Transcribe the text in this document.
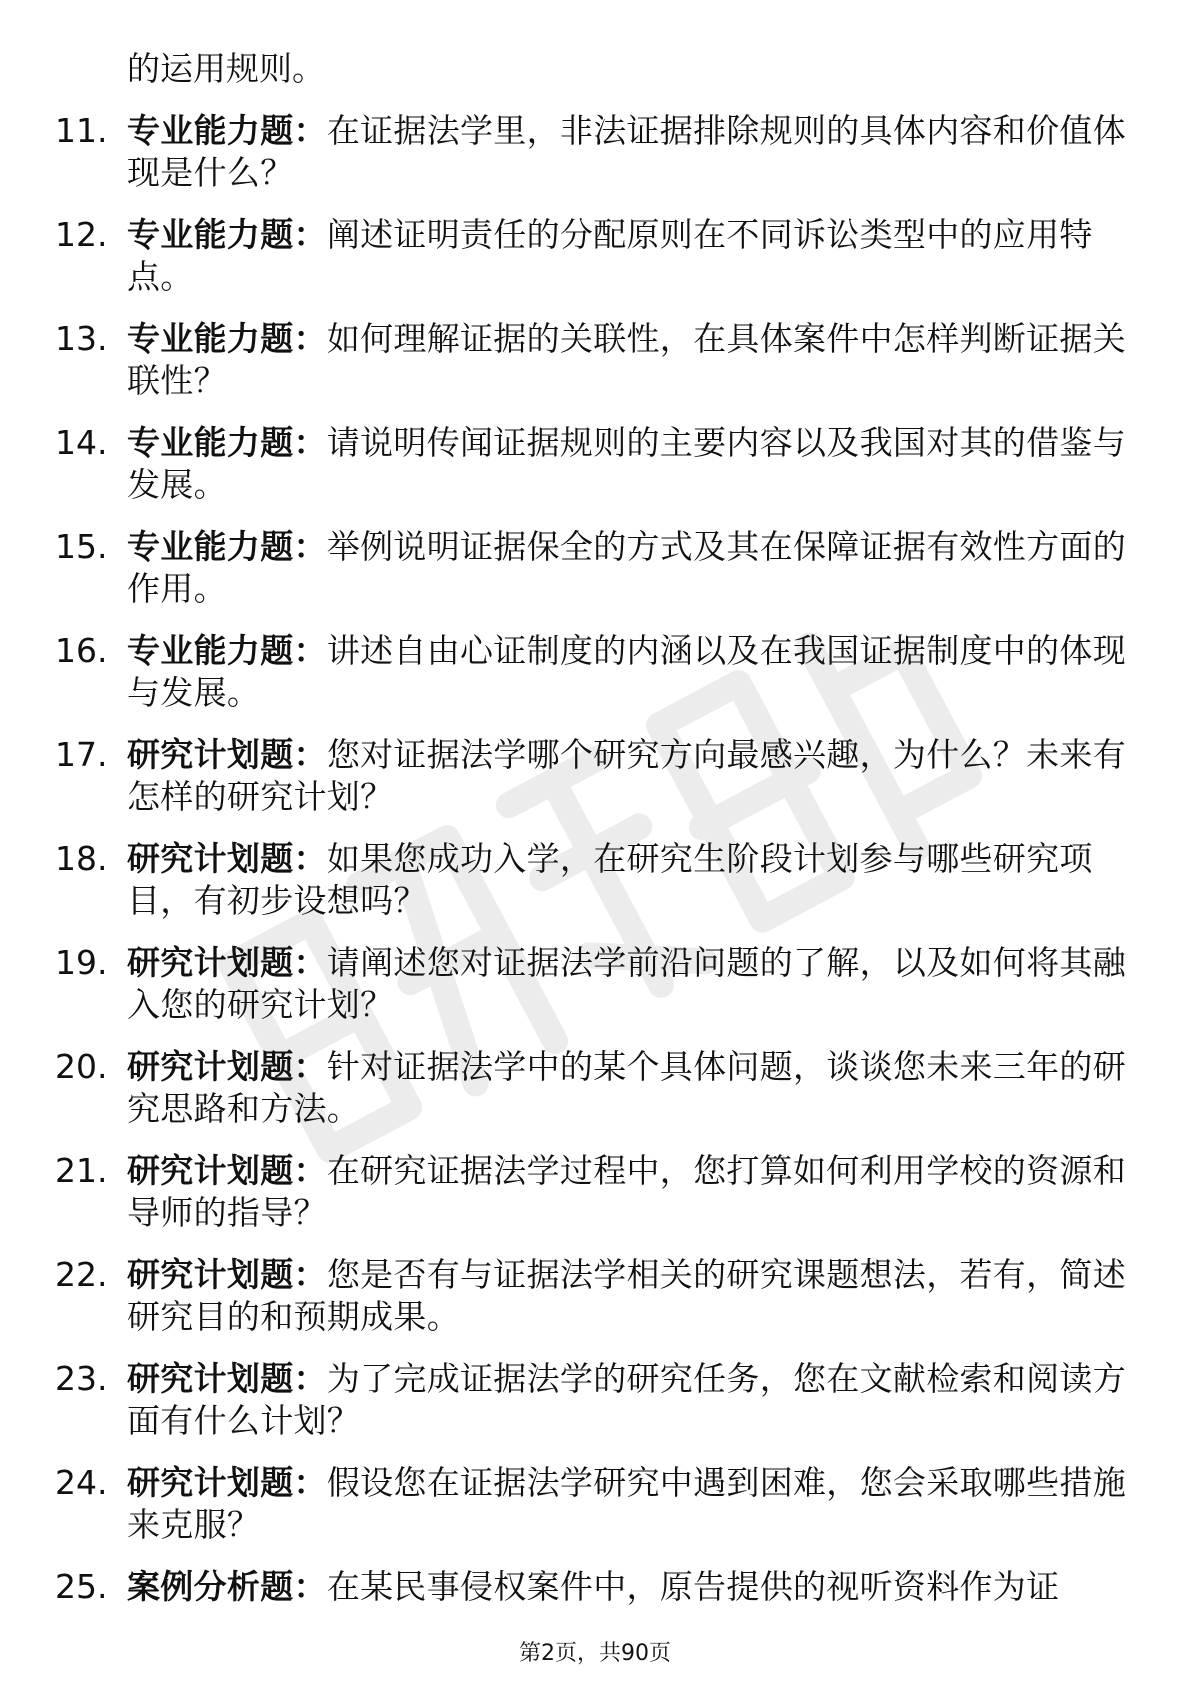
的运用规则。
11. 专业能力题：在证据法学里，非法证据排除规则的具体内容和价值体现是什么？
12. 专业能力题：阐述证明责任的分配原则在不同诉讼类型中的应用特点。
13. 专业能力题：如何理解证据的关联性，在具体案件中怎样判断证据关联性？
14. 专业能力题：请说明传闻证据规则的主要内容以及我国对其的借鉴与发展。
15. 专业能力题：举例说明证据保全的方式及其在保障证据有效性方面的作用。
16. 专业能力题：讲述自由心证制度的内涵以及在我国证据制度中的体现与发展。
17. 研究计划题：您对证据法学哪个研究方向最感兴趣，为什么？未来有怎样的研究计划？
18. 研究计划题：如果您成功入学，在研究生阶段计划参与哪些研究项目，有初步设想吗？
19. 研究计划题：请阐述您对证据法学前沿问题的了解，以及如何将其融入您的研究计划？
20. 研究计划题：针对证据法学中的某个具体问题，谈谈您未来三年的研究思路和方法。
21. 研究计划题：在研究证据法学过程中，您打算如何利用学校的资源和导师的指导？
22. 研究计划题：您是否有与证据法学相关的研究课题想法，若有，简述研究目的和预期成果。
23. 研究计划题：为了完成证据法学的研究任务，您在文献检索和阅读方面有什么计划？
24. 研究计划题：假设您在证据法学研究中遇到困难，您会采取哪些措施来克服？
25. 案例分析题：在某民事侵权案件中，原告提供的视听资料作为证
第2页，共90页
